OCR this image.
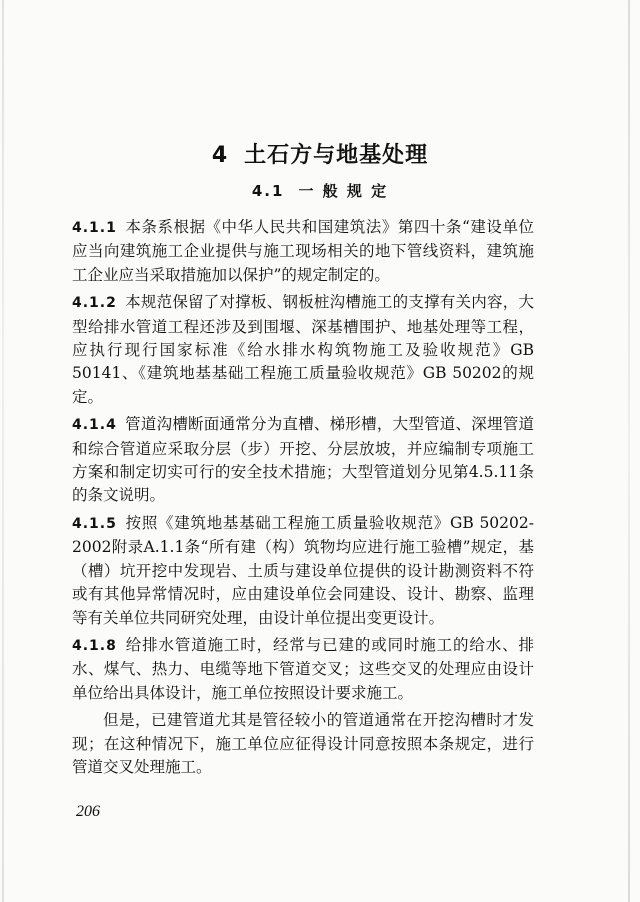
4 土石方与地基处理
4.1 一 般 规 定

4.1.1 本条系根据《中华人民共和国建筑法》第四十条“建设单位应当向建筑施工企业提供与施工现场相关的地下管线资料，建筑施工企业应当采取措施加以保护”的规定制定的。

4.1.2 本规范保留了对撑板、钢板桩沟槽施工的支撑有关内容，大型给排水管道工程还涉及到围堰、深基槽围护、地基处理等工程，应执行现行国家标准《给水排水构筑物施工及验收规范》GB 50141、《建筑地基基础工程施工质量验收规范》GB 50202的规定。

4.1.4 管道沟槽断面通常分为直槽、梯形槽，大型管道、深埋管道和综合管道应采取分层（步）开挖、分层放坡，并应编制专项施工方案和制定切实可行的安全技术措施；大型管道划分见第4.5.11条的条文说明。

4.1.5 按照《建筑地基基础工程施工质量验收规范》GB 50202-2002附录A.1.1条“所有建（构）筑物均应进行施工验槽”规定，基（槽）坑开挖中发现岩、土质与建设单位提供的设计勘测资料不符或有其他异常情况时，应由建设单位会同建设、设计、勘察、监理等有关单位共同研究处理，由设计单位提出变更设计。

4.1.8 给排水管道施工时，经常与已建的或同时施工的给水、排水、煤气、热力、电缆等地下管道交叉；这些交叉的处理应由设计单位给出具体设计，施工单位按照设计要求施工。

但是，已建管道尤其是管径较小的管道通常在开挖沟槽时才发现；在这种情况下，施工单位应征得设计同意按照本条规定，进行管道交叉处理施工。

206
